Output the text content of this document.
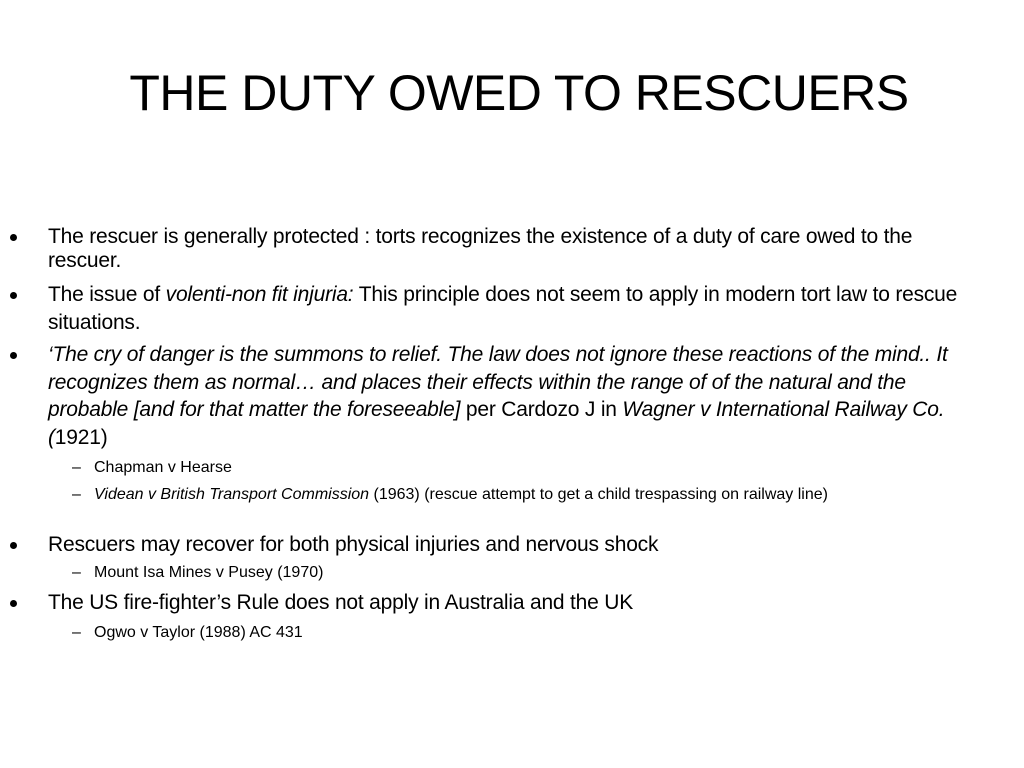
THE DUTY OWED TO RESCUERS
The rescuer is generally protected : torts recognizes the existence of a duty of care owed to the rescuer.
The issue of volenti-non fit injuria: This principle does not seem to apply in modern tort law to rescue situations.
‘The cry of danger is the summons to relief. The law does not ignore these reactions of the mind.. It recognizes them as normal… and places their effects within the range of of the natural and the probable [and for that matter the foreseeable] per Cardozo J in Wagner v International Railway Co. (1921)
– Chapman v Hearse
– Videan v British Transport Commission (1963) (rescue attempt to get a child trespassing on railway line)
Rescuers may recover for both physical injuries and nervous shock
– Mount Isa Mines v Pusey (1970)
The US fire-fighter’s Rule does not apply in Australia and the UK
– Ogwo v Taylor (1988) AC 431
